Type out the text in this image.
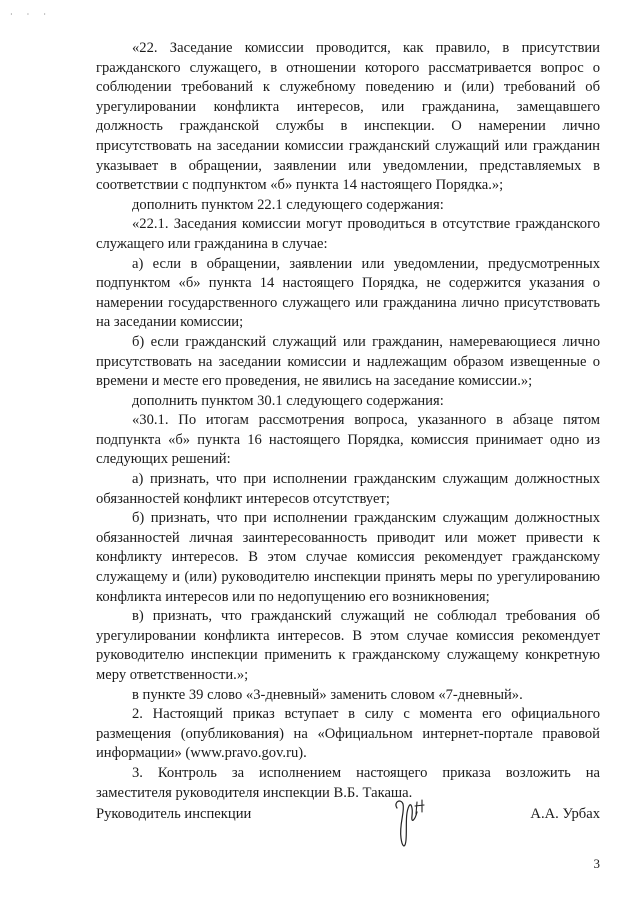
· · ·

«22. Заседание комиссии проводится, как правило, в присутствии гражданского служащего, в отношении которого рассматривается вопрос о соблюдении требований к служебному поведению и (или) требований об урегулировании конфликта интересов, или гражданина, замещавшего должность гражданской службы в инспекции. О намерении лично присутствовать на заседании комиссии гражданский служащий или гражданин указывает в обращении, заявлении или уведомлении, представляемых в соответствии с подпунктом «б» пункта 14 настоящего Порядка.»;

дополнить пунктом 22.1 следующего содержания:

«22.1. Заседания комиссии могут проводиться в отсутствие гражданского служащего или гражданина в случае:

а) если в обращении, заявлении или уведомлении, предусмотренных подпунктом «б» пункта 14 настоящего Порядка, не содержится указания о намерении государственного служащего или гражданина лично присутствовать на заседании комиссии;

б) если гражданский служащий или гражданин, намеревающиеся лично присутствовать на заседании комиссии и надлежащим образом извещенные о времени и месте его проведения, не явились на заседание комиссии.»;

дополнить пунктом 30.1 следующего содержания:

«30.1. По итогам рассмотрения вопроса, указанного в абзаце пятом подпункта «б» пункта 16 настоящего Порядка, комиссия принимает одно из следующих решений:

а) признать, что при исполнении гражданским служащим должностных обязанностей конфликт интересов отсутствует;

б) признать, что при исполнении гражданским служащим должностных обязанностей личная заинтересованность приводит или может привести к конфликту интересов. В этом случае комиссия рекомендует гражданскому служащему и (или) руководителю инспекции принять меры по урегулированию конфликта интересов или по недопущению его возникновения;

в) признать, что гражданский служащий не соблюдал требования об урегулировании конфликта интересов. В этом случае комиссия рекомендует руководителю инспекции применить к гражданскому служащему конкретную меру ответственности.»;

в пункте 39 слово «3-дневный» заменить словом «7-дневный».

2. Настоящий приказ вступает в силу с момента его официального размещения (опубликования) на «Официальном интернет-портале правовой информации» (www.pravo.gov.ru).

3. Контроль за исполнением настоящего приказа возложить на заместителя руководителя инспекции В.Б. Такаша.

Руководитель инспекции	А.А. Урбах
3
